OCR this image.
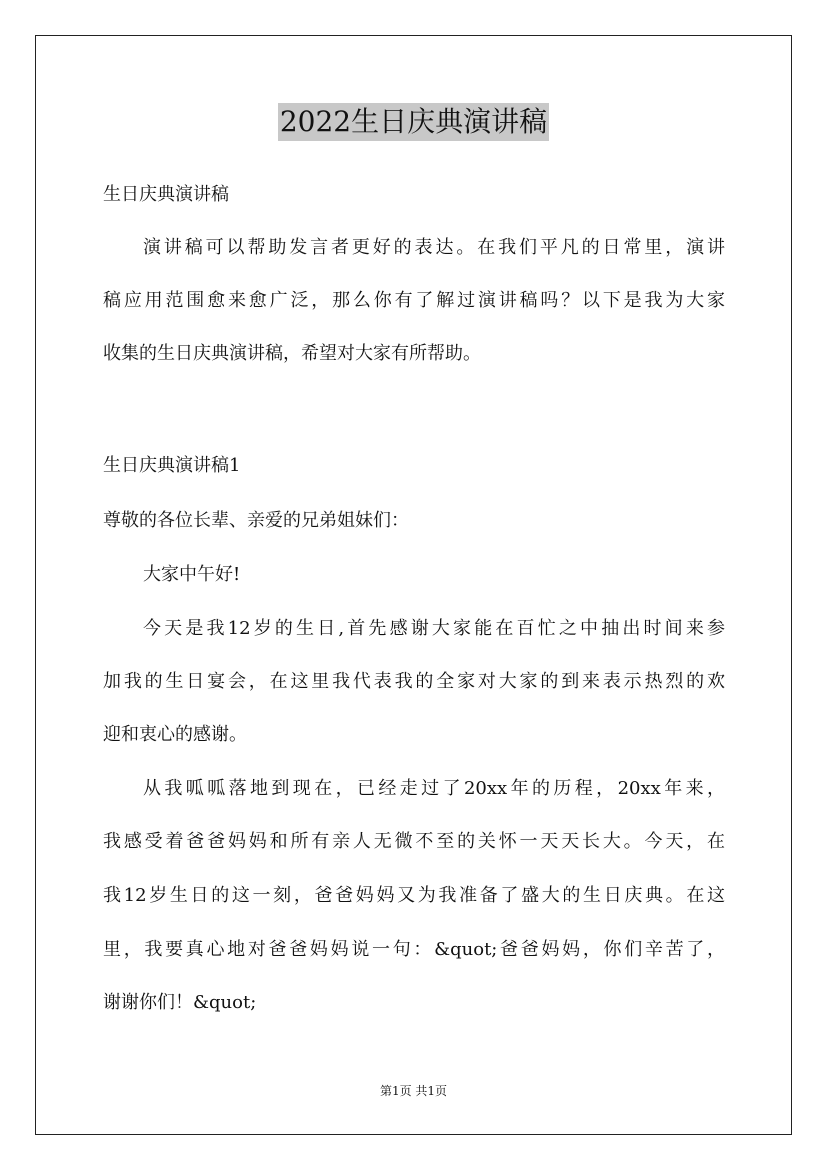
2022生日庆典演讲稿
生日庆典演讲稿
演讲稿可以帮助发言者更好的表达。在我们平凡的日常里，演讲
稿应用范围愈来愈广泛，那么你有了解过演讲稿吗？以下是我为大家
收集的生日庆典演讲稿，希望对大家有所帮助。
生日庆典演讲稿1
尊敬的各位长辈、亲爱的兄弟姐妹们：
大家中午好!
今天是我12岁的生日,首先感谢大家能在百忙之中抽出时间来参
加我的生日宴会，在这里我代表我的全家对大家的到来表示热烈的欢
迎和衷心的感谢。
从我呱呱落地到现在，已经走过了20xx年的历程，20xx年来，
我感受着爸爸妈妈和所有亲人无微不至的关怀一天天长大。今天，在
我12岁生日的这一刻，爸爸妈妈又为我准备了盛大的生日庆典。在这
里，我要真心地对爸爸妈妈说一句：&quot;爸爸妈妈，你们辛苦了，
谢谢你们！&quot;
第1页 共1页
